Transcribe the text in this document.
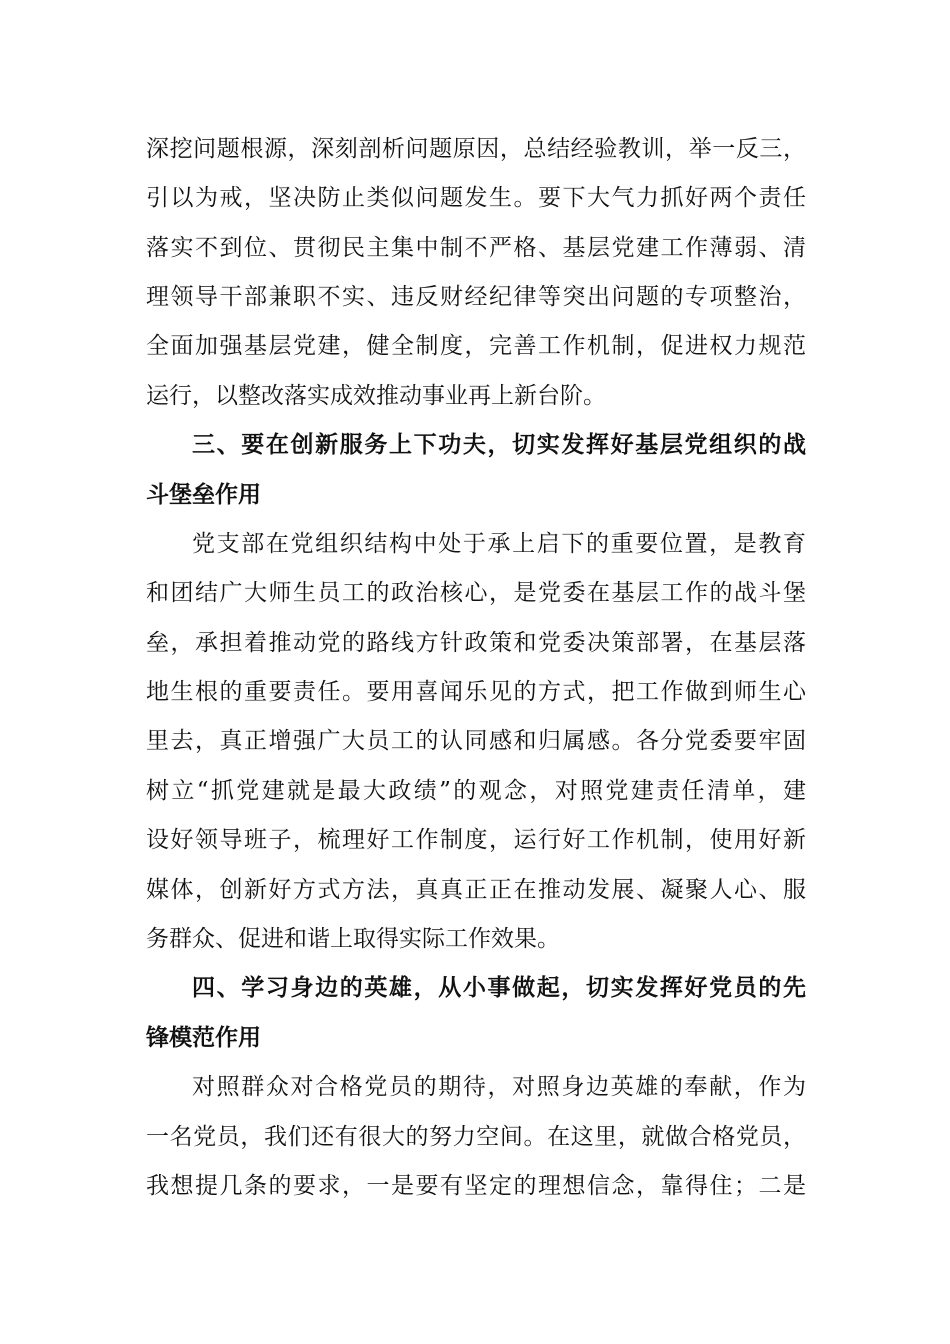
深挖问题根源，深刻剖析问题原因，总结经验教训，举一反三，
引以为戒，坚决防止类似问题发生。要下大气力抓好两个责任
落实不到位、贯彻民主集中制不严格、基层党建工作薄弱、清
理领导干部兼职不实、违反财经纪律等突出问题的专项整治，
全面加强基层党建，健全制度，完善工作机制，促进权力规范
运行，以整改落实成效推动事业再上新台阶。
三、要在创新服务上下功夫，切实发挥好基层党组织的战
斗堡垒作用
党支部在党组织结构中处于承上启下的重要位置，是教育
和团结广大师生员工的政治核心，是党委在基层工作的战斗堡
垒，承担着推动党的路线方针政策和党委决策部署，在基层落
地生根的重要责任。要用喜闻乐见的方式，把工作做到师生心
里去，真正增强广大员工的认同感和归属感。各分党委要牢固
树立“抓党建就是最大政绩”的观念，对照党建责任清单，建
设好领导班子，梳理好工作制度，运行好工作机制，使用好新
媒体，创新好方式方法，真真正正在推动发展、凝聚人心、服
务群众、促进和谐上取得实际工作效果。
四、学习身边的英雄，从小事做起，切实发挥好党员的先
锋模范作用
对照群众对合格党员的期待，对照身边英雄的奉献，作为
一名党员，我们还有很大的努力空间。在这里，就做合格党员，
我想提几条的要求，一是要有坚定的理想信念，靠得住；二是
